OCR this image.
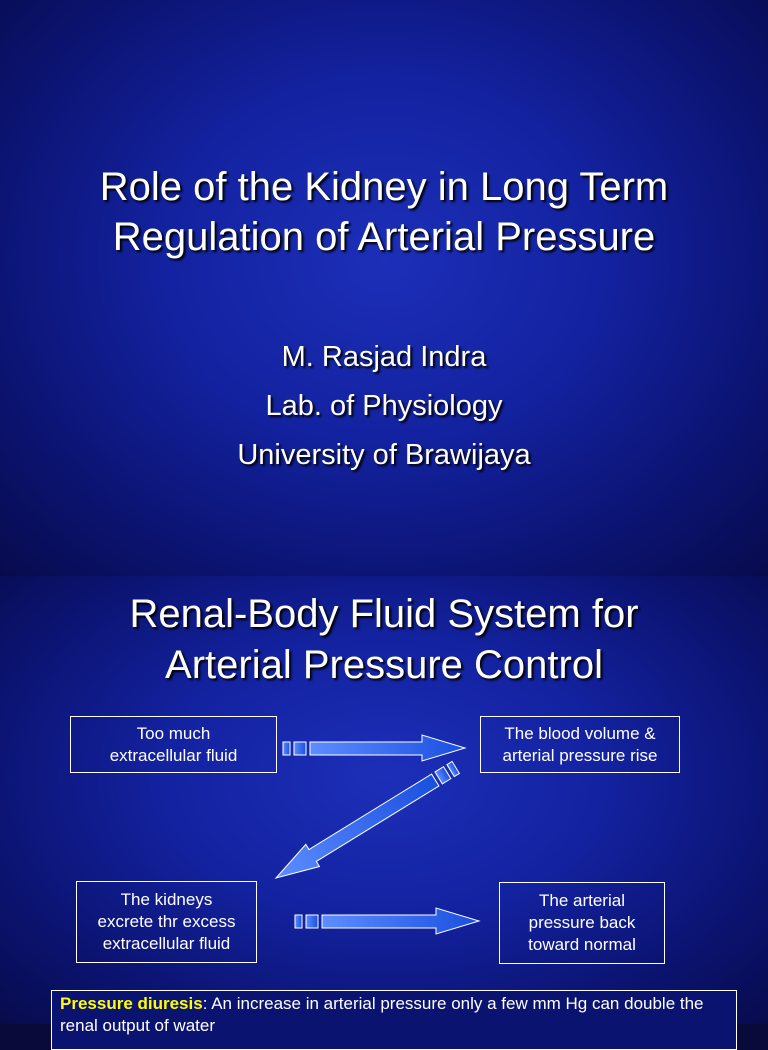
Role of the Kidney in Long Term
Regulation of Arterial Pressure
M. Rasjad Indra
Lab. of Physiology
University of Brawijaya
Renal-Body Fluid System for
Arterial Pressure Control
Too much
extracellular fluid
The blood volume &
arterial pressure rise
The kidneys
excrete thr excess
extracellular fluid
The arterial
pressure back
toward normal
Pressure diuresis: An increase in arterial pressure only a few mm Hg can double the renal output of water
